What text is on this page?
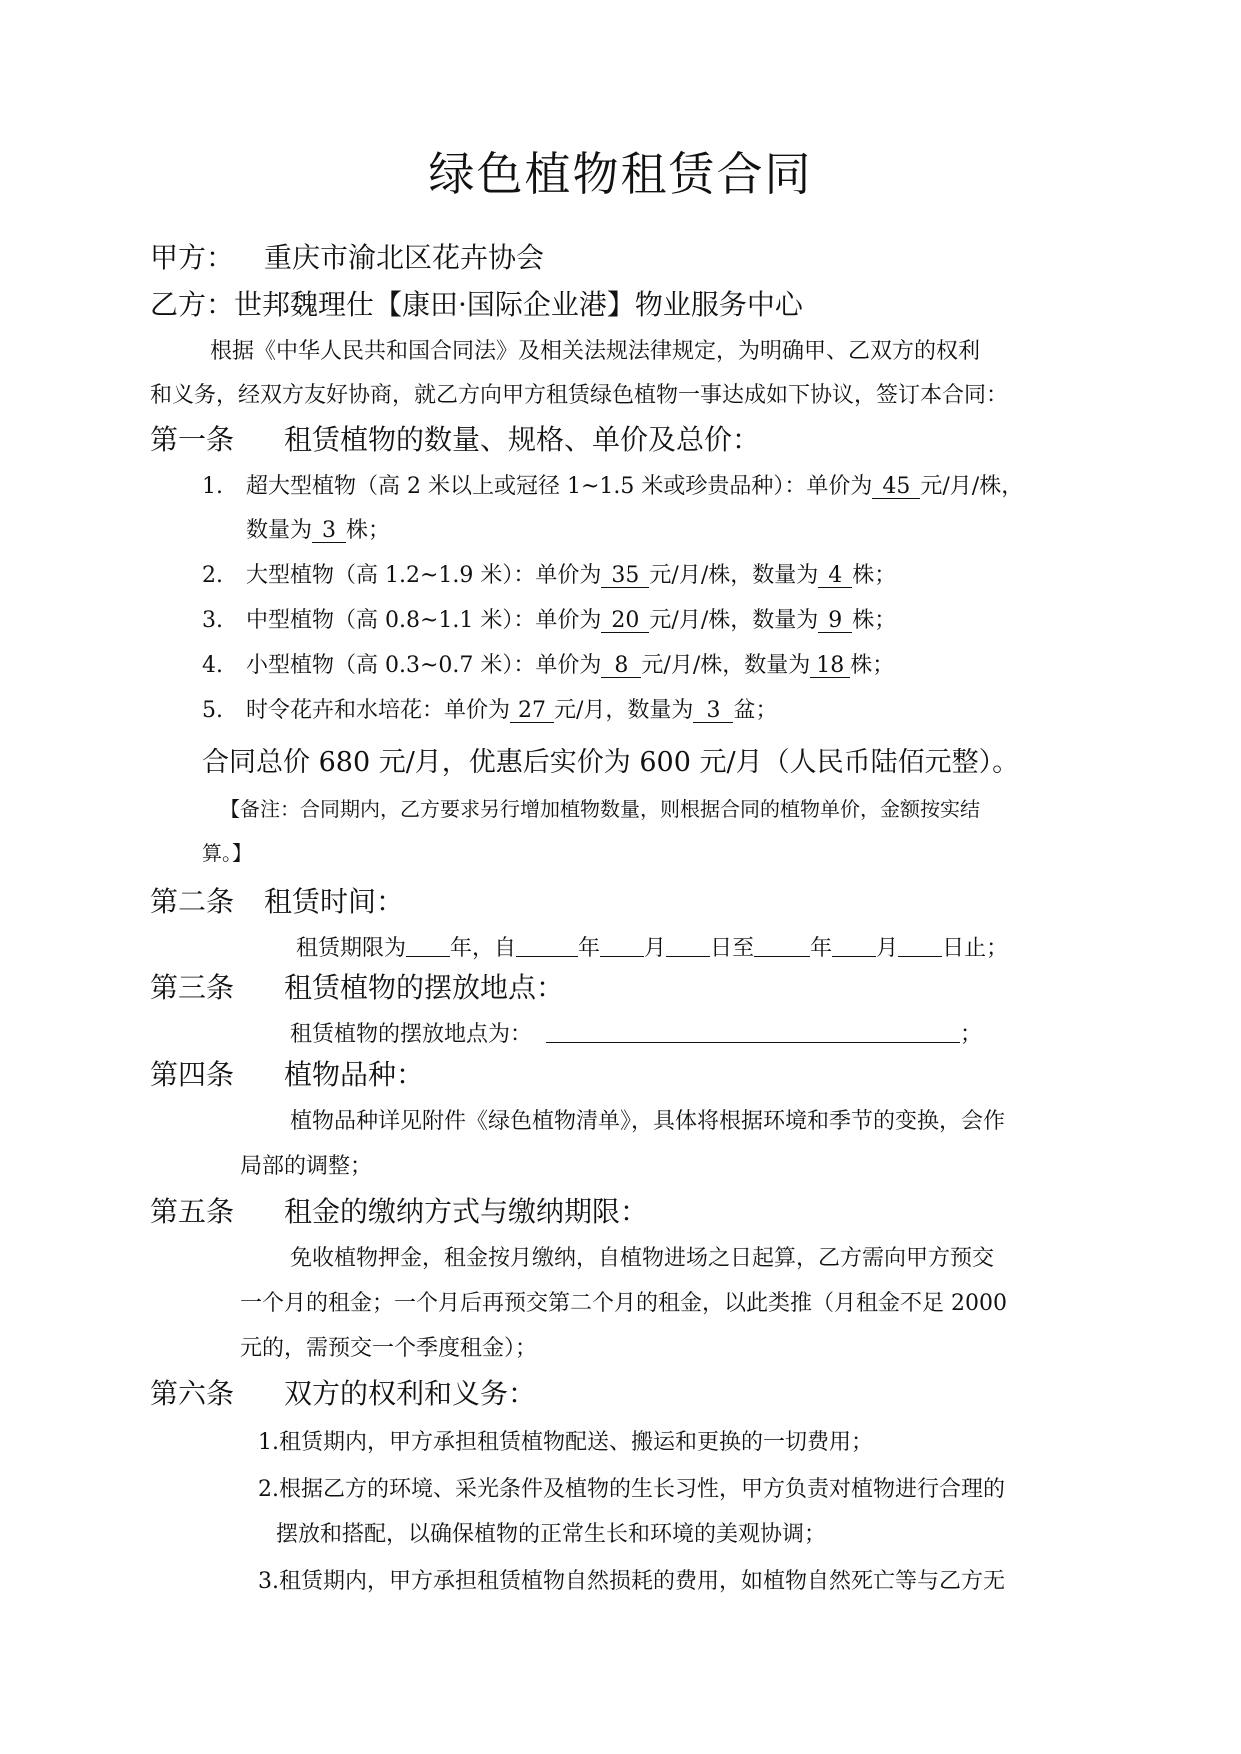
绿色植物租赁合同
甲方： 重庆市渝北区花卉协会
乙方：世邦魏理仕【康田·国际企业港】物业服务中心
根据《中华人民共和国合同法》及相关法规法律规定，为明确甲、乙双方的权利
和义务，经双方友好协商，就乙方向甲方租赁绿色植物一事达成如下协议，签订本合同：
第一条 租赁植物的数量、规格、单价及总价：
1. 超大型植物（高 2 米以上或冠径 1~1.5 米或珍贵品种）：单价为 45 元/月/株，
数量为 3 株；
2. 大型植物（高 1.2~1.9 米）：单价为 35 元/月/株，数量为 4 株；
3. 中型植物（高 0.8~1.1 米）：单价为 20 元/月/株，数量为 9 株；
4. 小型植物（高 0.3~0.7 米）：单价为 8 元/月/株，数量为 18 株；
5. 时令花卉和水培花：单价为 27 元/月，数量为 3 盆；
合同总价 680 元/月，优惠后实价为 600 元/月（人民币陆佰元整）。
【备注：合同期内，乙方要求另行增加植物数量，则根据合同的植物单价，金额按实结
算。】
第二条 租赁时间：
租赁期限为 年，自	年 月 日至	年 月 日止；
第三条 租赁植物的摆放地点：
租赁植物的摆放地点为：	；
第四条 植物品种：
植物品种详见附件《绿色植物清单》，具体将根据环境和季节的变换，会作
局部的调整；
第五条 租金的缴纳方式与缴纳期限：
免收植物押金，租金按月缴纳，自植物进场之日起算，乙方需向甲方预交
一个月的租金；一个月后再预交第二个月的租金，以此类推（月租金不足 2000
元的，需预交一个季度租金）；
第六条 双方的权利和义务：
1.租赁期内，甲方承担租赁植物配送、搬运和更换的一切费用；
2.根据乙方的环境、采光条件及植物的生长习性，甲方负责对植物进行合理的
摆放和搭配，以确保植物的正常生长和环境的美观协调；
3.租赁期内，甲方承担租赁植物自然损耗的费用，如植物自然死亡等与乙方无
